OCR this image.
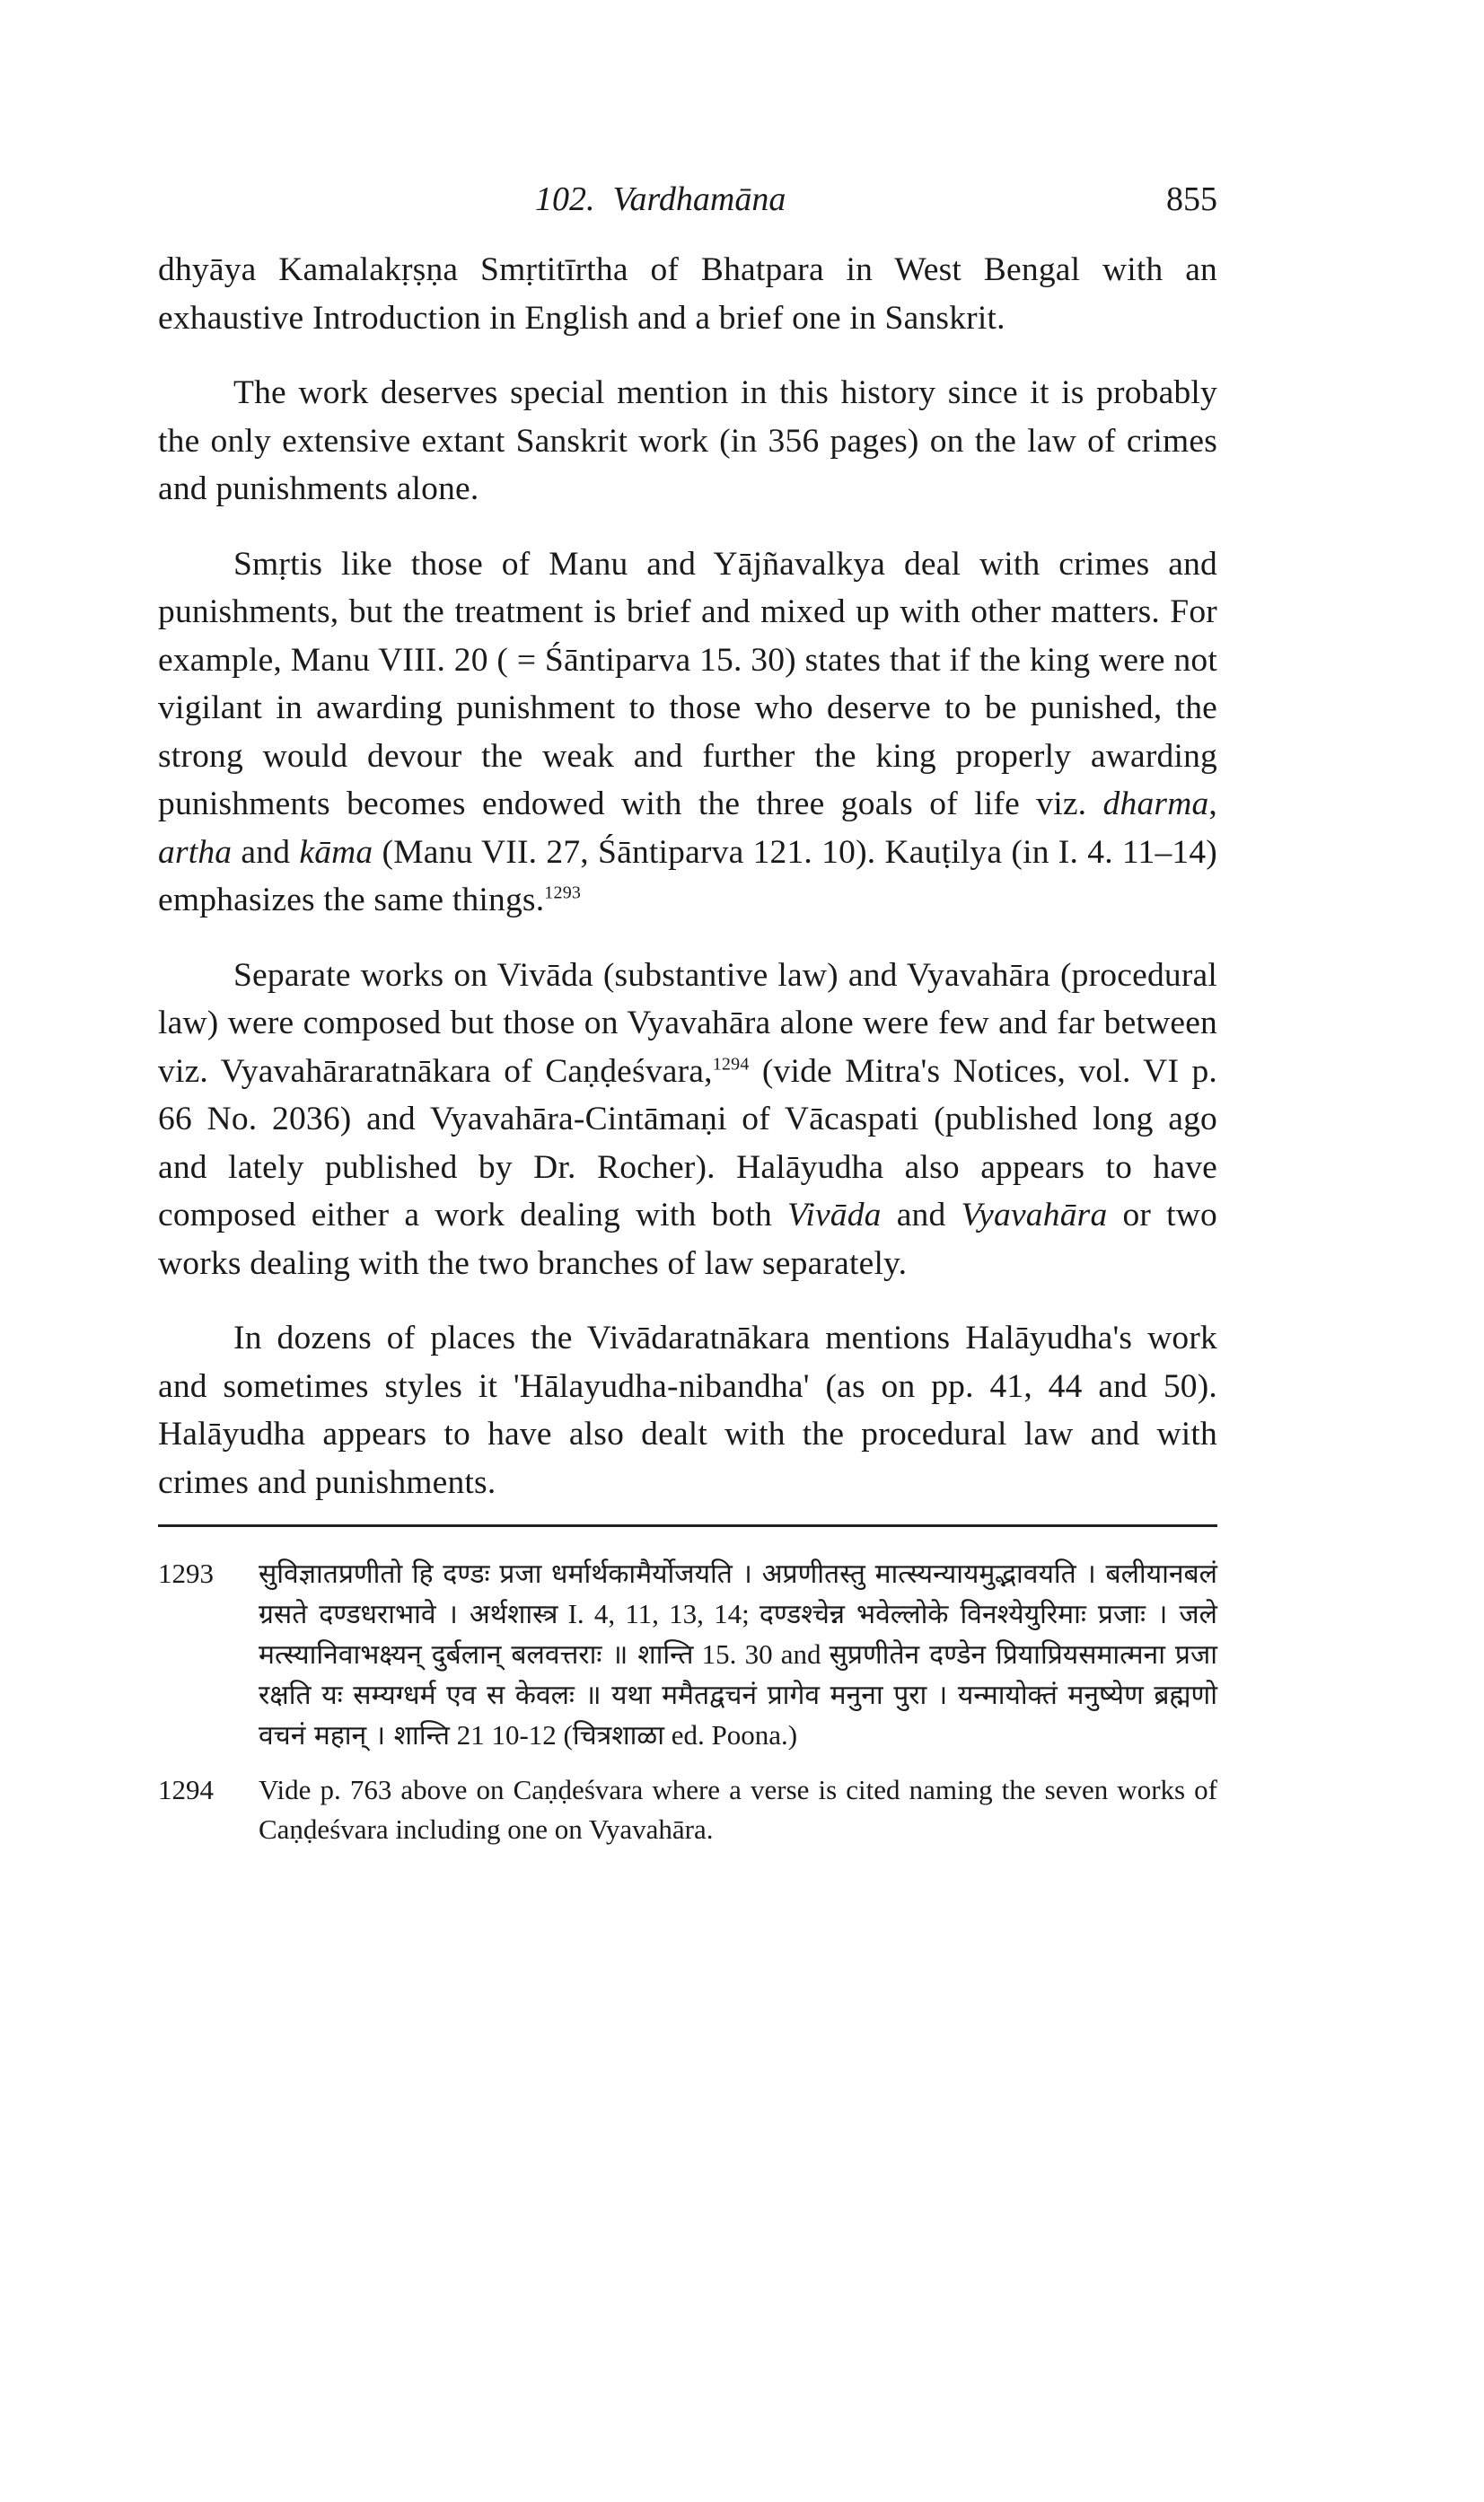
102. Vardhamāna	855

dhyāya Kamalakṛṣṇa Smṛtitīrtha of Bhatpara in West Bengal with an exhaustive Introduction in English and a brief one in Sanskrit.

The work deserves special mention in this history since it is probably the only extensive extant Sanskrit work (in 356 pages) on the law of crimes and punishments alone.

Smṛtis like those of Manu and Yājñavalkya deal with crimes and punishments, but the treatment is brief and mixed up with other matters. For example, Manu VIII. 20 ( = Śāntiparva 15. 30) states that if the king were not vigilant in awarding punishment to those who deserve to be punished, the strong would devour the weak and further the king properly awarding punishments becomes endowed with the three goals of life viz. dharma, artha and kāma (Manu VII. 27, Śāntiparva 121. 10). Kauṭilya (in I. 4. 11–14) emphasizes the same things.$^{1293}$

Separate works on Vivāda (substantive law) and Vyavahāra (procedural law) were composed but those on Vyavahāra alone were few and far between viz. Vyavahāraratnākara of Caṇḍeśvara,$^{1294}$ (vide Mitra's Notices, vol. VI p. 66 No. 2036) and Vyavahāra-Cintāmaṇi of Vācaspati (published long ago and lately published by Dr. Rocher). Halāyudha also appears to have composed either a work dealing with both Vivāda and Vyavahāra or two works dealing with the two branches of law separately.

In dozens of places the Vivādaratnākara mentions Halāyudha's work and sometimes styles it 'Hālayudha-nibandha' (as on pp. 41, 44 and 50). Halāyudha appears to have also dealt with the procedural law and with crimes and punishments.

1293 सुविज्ञातप्रणीतो हि दण्डः प्रजा धर्मार्थकामैर्योजयति । अप्रणीतस्तु मात्स्यन्यायमुद्भावयति । बलीयानबलं ग्रसते दण्डधराभावे । अर्थशास्त्र I. 4, 11, 13, 14; दण्डश्चेन्न भवेल्लोके विनश्येयुरिमाः प्रजाः । जले मत्स्यानिवाभक्ष्यन् दुर्बलान् बलवत्तराः ॥ शान्ति 15. 30 and सुप्रणीतेन दण्डेन प्रियाप्रियसमात्मना प्रजा रक्षति यः सम्यग्धर्म एव स केवलः ॥ यथा ममैतद्वचनं प्रागेव मनुना पुरा । यन्मायोक्तं मनुष्येण ब्रह्मणो वचनं महान् । शान्ति 21 10-12 (चित्रशाळा ed. Poona.)
1294 Vide p. 763 above on Caṇḍeśvara where a verse is cited naming the seven works of Caṇḍeśvara including one on Vyavahāra.
